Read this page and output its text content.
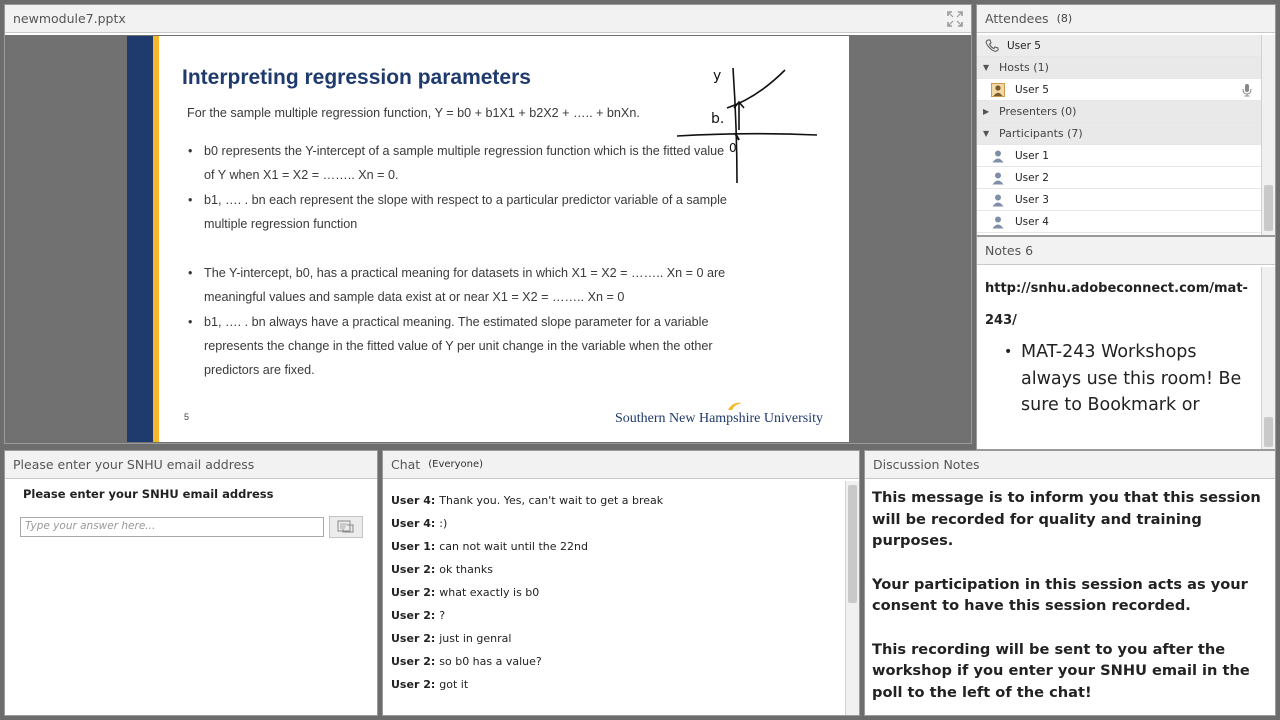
newmodule7.pptx
Interpreting regression parameters
For the sample multiple regression function, Y = b0 + b1X1 + b2X2 + ….. + bnXn.
• b0 represents the Y-intercept of a sample multiple regression function which is the fitted value
of Y when X1 = X2 = …….. Xn = 0.
• b1, …. . bn each represent the slope with respect to a particular predictor variable of a sample
multiple regression function
• The Y-intercept, b0, has a practical meaning for datasets in which X1 = X2 = …….. Xn = 0 are
meaningful values and sample data exist at or near X1 = X2 = …….. Xn = 0
• b1, …. . bn always have a practical meaning. The estimated slope parameter for a variable
represents the change in the fitted value of Y per unit change in the variable when the other
predictors are fixed.
5	Southern New Hampshire University
y
b.
0
Attendees (8)
User 5
▼ Hosts (1)
User 5
▶ Presenters (0)
▼ Participants (7)
User 1
User 2
User 3
User 4
Notes 6
http://snhu.adobeconnect.com/mat-243/
• MAT-243 Workshops always use this room! Be sure to Bookmark or
Please enter your SNHU email address
Please enter your SNHU email address
Type your answer here...
Chat (Everyone)
User 4: Thank you. Yes, can't wait to get a break
User 4: :)
User 1: can not wait until the 22nd
User 2: ok thanks
User 2: what exactly is b0
User 2: ?
User 2: just in genral
User 2: so b0 has a value?
User 2: got it
Discussion Notes

This message is to inform you that this session will be recorded for quality and training purposes.

Your participation in this session acts as your consent to have this session recorded.

This recording will be sent to you after the workshop if you enter your SNHU email in the poll to the left of the chat!
